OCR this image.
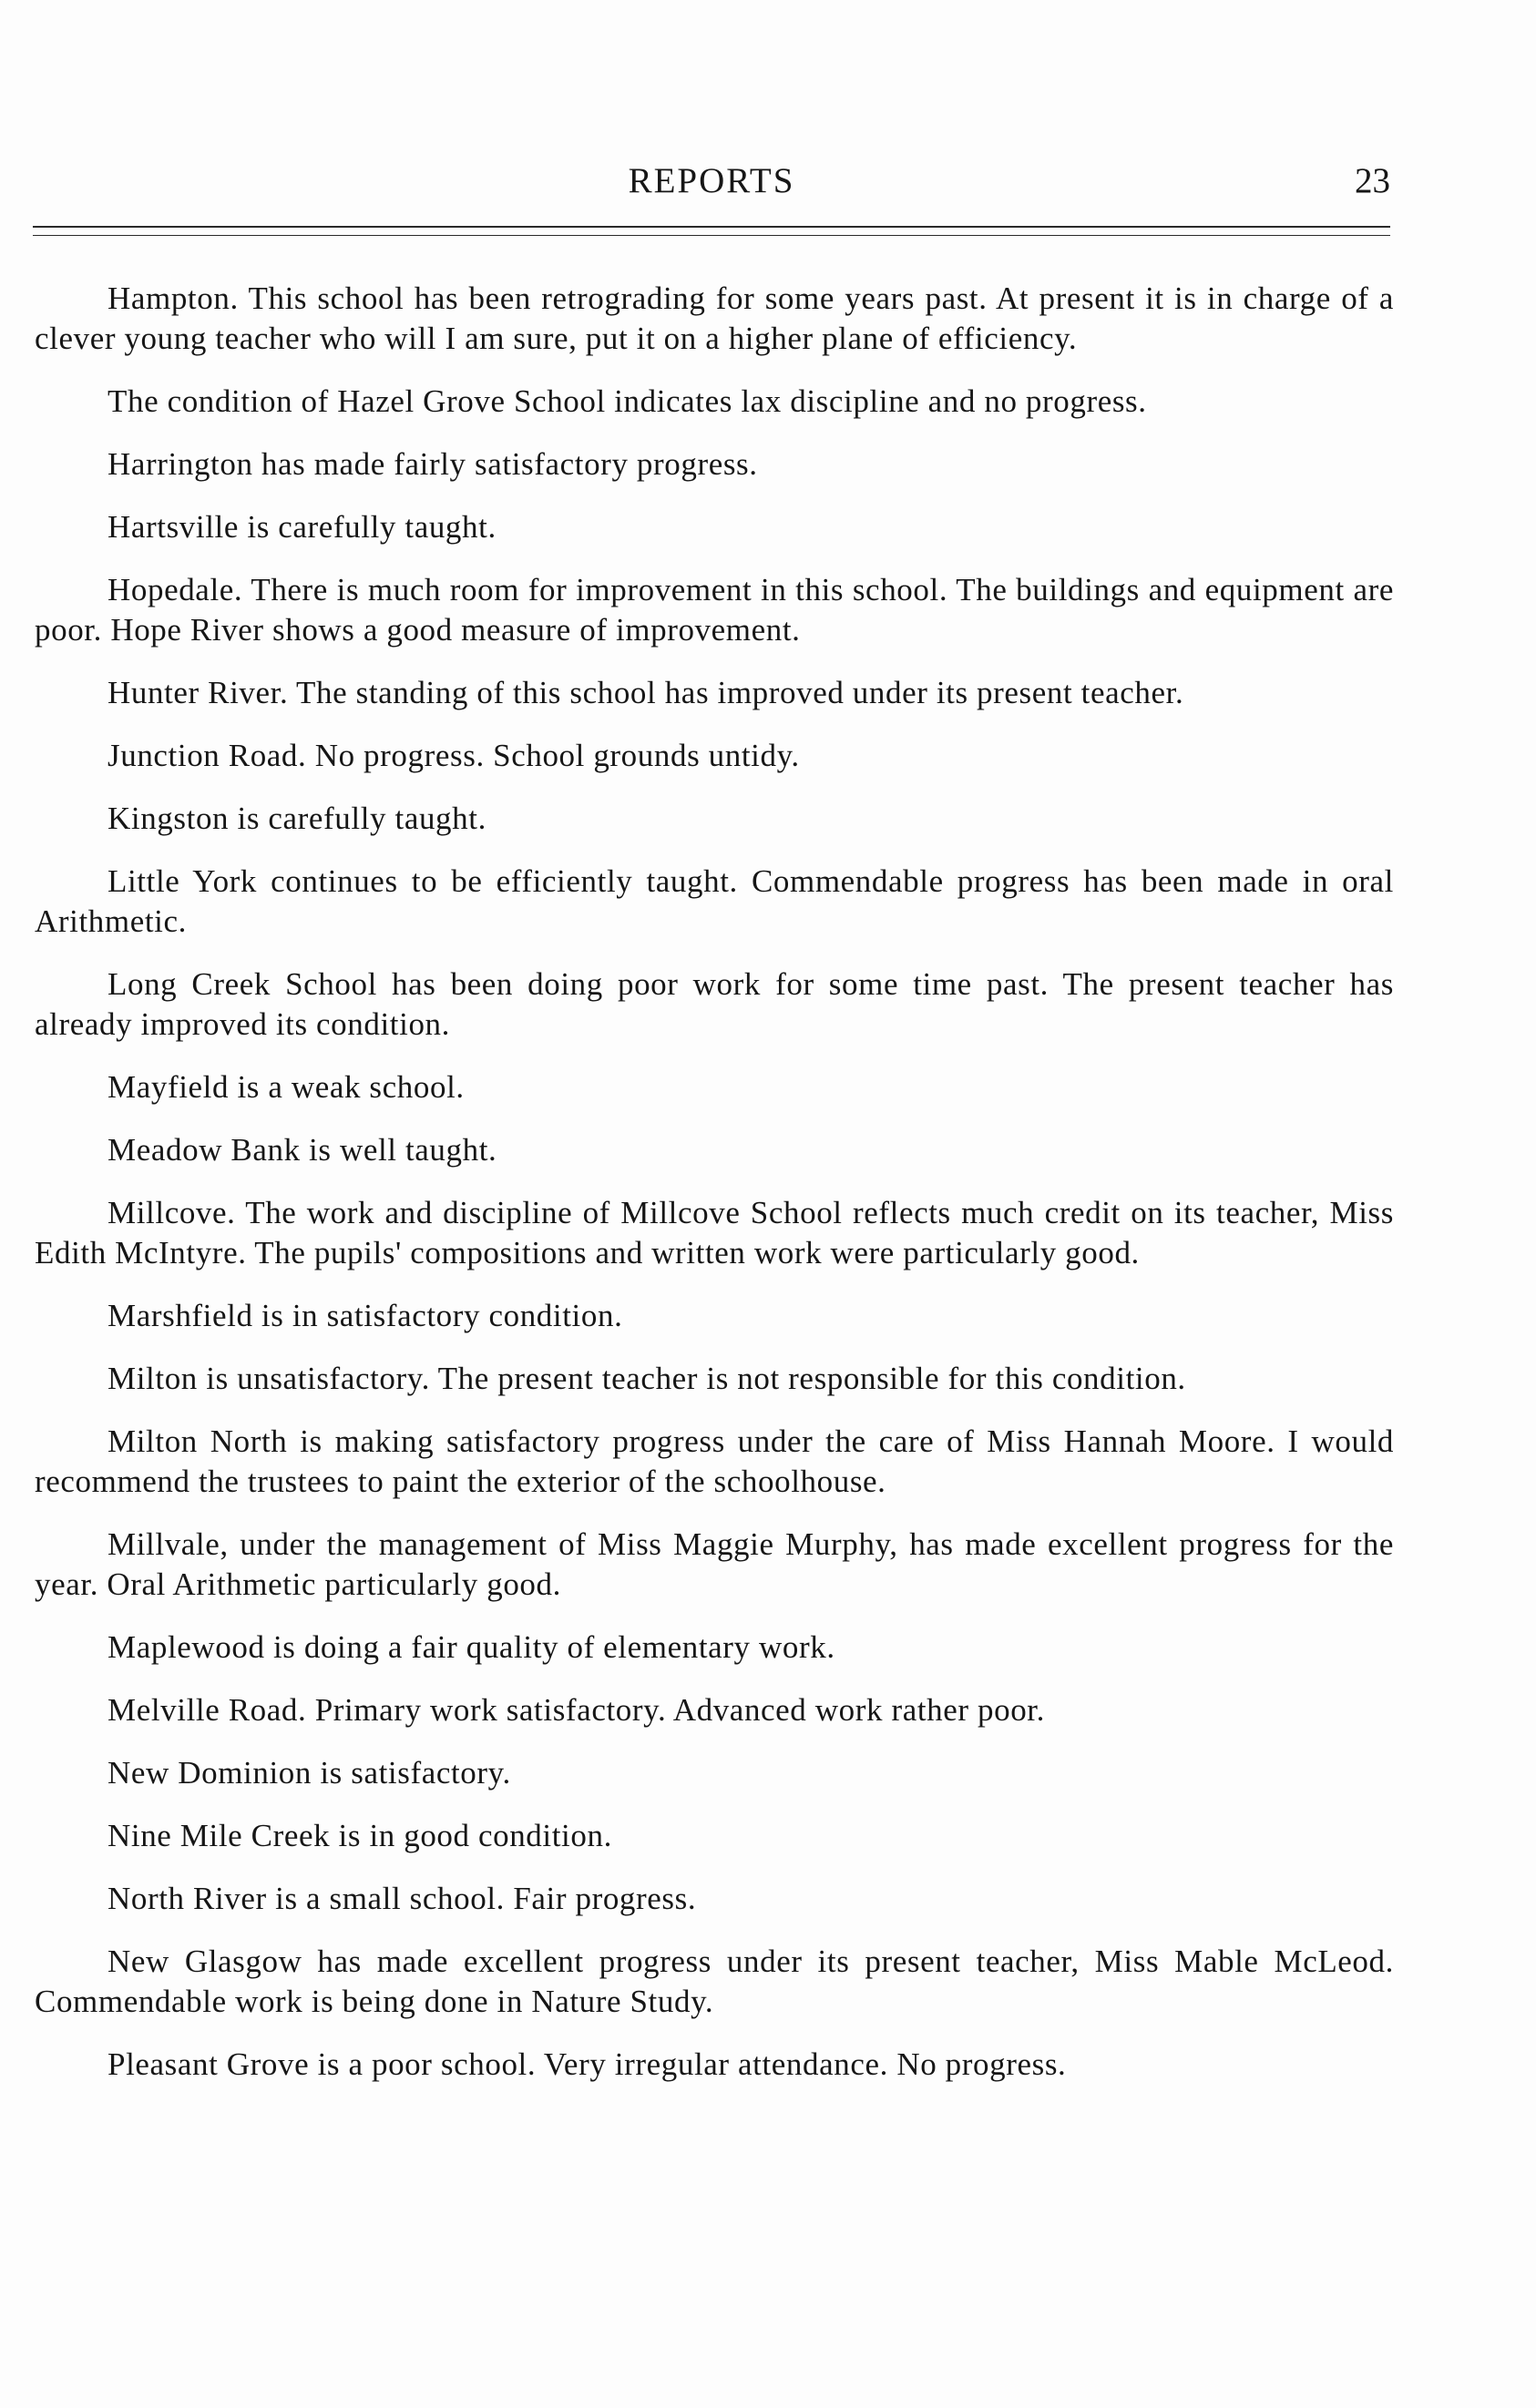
REPORTS	23

Hampton. This school has been retrograding for some years past. At present it is in charge of a clever young teacher who will I am sure, put it on a higher plane of efficiency.

The condition of Hazel Grove School indicates lax discipline and no progress.

Harrington has made fairly satisfactory progress.

Hartsville is carefully taught.

Hopedale. There is much room for improvement in this school. The buildings and equipment are poor. Hope River shows a good measure of improvement.

Hunter River. The standing of this school has improved under its present teacher.

Junction Road. No progress. School grounds untidy.

Kingston is carefully taught.

Little York continues to be efficiently taught. Commendable progress has been made in oral Arithmetic.

Long Creek School has been doing poor work for some time past. The present teacher has already improved its condition.

Mayfield is a weak school.

Meadow Bank is well taught.

Millcove. The work and discipline of Millcove School reflects much credit on its teacher, Miss Edith McIntyre. The pupils' compositions and written work were particularly good.

Marshfield is in satisfactory condition.

Milton is unsatisfactory. The present teacher is not responsible for this condition.

Milton North is making satisfactory progress under the care of Miss Hannah Moore. I would recommend the trustees to paint the exterior of the schoolhouse.

Millvale, under the management of Miss Maggie Murphy, has made excellent progress for the year. Oral Arithmetic particularly good.

Maplewood is doing a fair quality of elementary work.

Melville Road. Primary work satisfactory. Advanced work rather poor.

New Dominion is satisfactory.

Nine Mile Creek is in good condition.

North River is a small school. Fair progress.

New Glasgow has made excellent progress under its present teacher, Miss Mable McLeod. Commendable work is being done in Nature Study.

Pleasant Grove is a poor school. Very irregular attendance. No progress.
